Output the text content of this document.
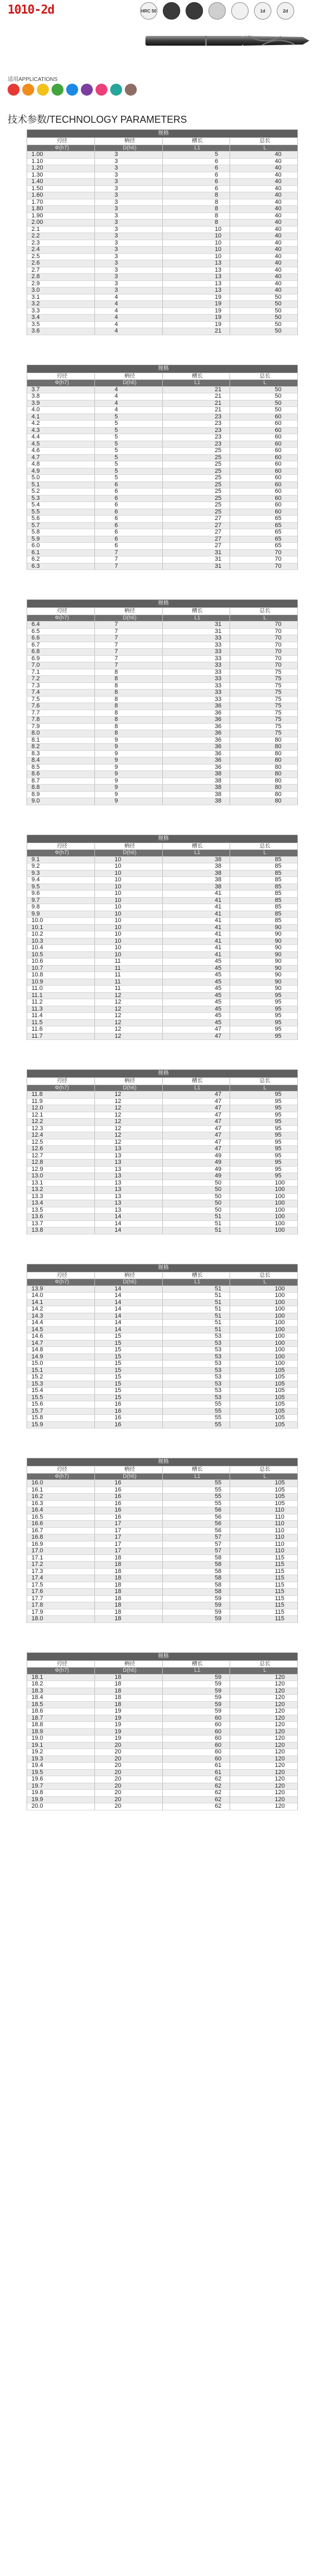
1010-2d	HRC 50	1d	2d
适用APPLICATIONS
技术参数/TECHNOLOGY PARAMETERS
规格			
刃径	柄径	槽长	总长
Φ(h7)	D(h6)	L1	L
1.00	3	5	40
1.10	3	6	40
1.20	3	6	40
1.30	3	6	40
1.40	3	6	40
1.50	3	6	40
1.60	3	8	40
1.70	3	8	40
1.80	3	8	40
1.90	3	8	40
2.00	3	8	40
2.1	3	10	40
2.2	3	10	40
2.3	3	10	40
2.4	3	10	40
2.5	3	10	40
2.6	3	13	40
2.7	3	13	40
2.8	3	13	40
2.9	3	13	40
3.0	3	13	40
3.1	4	19	50
3.2	4	19	50
3.3	4	19	50
3.4	4	19	50
3.5	4	19	50
3.6	4	21	50
规格			
刃径	柄径	槽长	总长
Φ(h7)	D(h6)	L1	L
3.7	4	21	50
3.8	4	21	50
3.9	4	21	50
4.0	4	21	50
4.1	5	23	60
4.2	5	23	60
4.3	5	23	60
4.4	5	23	60
4.5	5	23	60
4.6	5	25	60
4.7	5	25	60
4.8	5	25	60
4.9	5	25	60
5.0	5	25	60
5.1	6	25	60
5.2	6	25	60
5.3	6	25	60
5.4	6	25	60
5.5	6	25	60
5.6	6	27	65
5.7	6	27	65
5.8	6	27	65
5.9	6	27	65
6.0	6	27	65
6.1	7	31	70
6.2	7	31	70
6.3	7	31	70
规格			
刃径	柄径	槽长	总长
Φ(h7)	D(h6)	L1	L
6.4	7	31	70
6.5	7	31	70
6.6	7	33	70
6.7	7	33	70
6.8	7	33	70
6.9	7	33	70
7.0	7	33	70
7.1	8	33	75
7.2	8	33	75
7.3	8	33	75
7.4	8	33	75
7.5	8	33	75
7.6	8	36	75
7.7	8	36	75
7.8	8	36	75
7.9	8	36	75
8.0	8	36	75
8.1	9	36	80
8.2	9	36	80
8.3	9	36	80
8.4	9	36	80
8.5	9	36	80
8.6	9	38	80
8.7	9	38	80
8.8	9	38	80
8.9	9	38	80
9.0	9	38	80
规格			
刃径	柄径	槽长	总长
Φ(h7)	D(h6)	L1	L
9.1	10	38	85
9.2	10	38	85
9.3	10	38	85
9.4	10	38	85
9.5	10	38	85
9.6	10	41	85
9.7	10	41	85
9.8	10	41	85
9.9	10	41	85
10.0	10	41	85
10.1	10	41	90
10.2	10	41	90
10.3	10	41	90
10.4	10	41	90
10.5	10	41	90
10.6	11	45	90
10.7	11	45	90
10.8	11	45	90
10.9	11	45	90
11.0	11	45	90
11.1	12	45	95
11.2	12	45	95
11.3	12	45	95
11.4	12	45	95
11.5	12	45	95
11.6	12	47	95
11.7	12	47	95
规格			
刃径	柄径	槽长	总长
Φ(h7)	D(h6)	L1	L
11.8	12	47	95
11.9	12	47	95
12.0	12	47	95
12.1	12	47	95
12.2	12	47	95
12.3	12	47	95
12.4	12	47	95
12.5	12	47	95
12.6	13	47	95
12.7	13	49	95
12.8	13	49	95
12.9	13	49	95
13.0	13	49	95
13.1	13	50	100
13.2	13	50	100
13.3	13	50	100
13.4	13	50	100
13.5	13	50	100
13.6	14	51	100
13.7	14	51	100
13.8	14	51	100
规格			
刃径	柄径	槽长	总长
Φ(h7)	D(h6)	L1	L
13.9	14	51	100
14.0	14	51	100
14.1	14	51	100
14.2	14	51	100
14.3	14	51	100
14.4	14	51	100
14.5	14	51	100
14.6	15	53	100
14.7	15	53	100
14.8	15	53	100
14.9	15	53	100
15.0	15	53	100
15.1	15	53	105
15.2	15	53	105
15.3	15	53	105
15.4	15	53	105
15.5	15	53	105
15.6	16	55	105
15.7	16	55	105
15.8	16	55	105
15.9	16	55	105
规格			
刃径	柄径	槽长	总长
Φ(h7)	D(h6)	L1	L
16.0	16	55	105
16.1	16	55	105
16.2	16	55	105
16.3	16	55	105
16.4	16	56	110
16.5	16	56	110
16.6	17	56	110
16.7	17	56	110
16.8	17	57	110
16.9	17	57	110
17.0	17	57	110
17.1	18	58	115
17.2	18	58	115
17.3	18	58	115
17.4	18	58	115
17.5	18	58	115
17.6	18	58	115
17.7	18	59	115
17.8	18	59	115
17.9	18	59	115
18.0	18	59	115
规格			
刃径	柄径	槽长	总长
Φ(h7)	D(h6)	L1	L
18.1	18	59	120
18.2	18	59	120
18.3	18	59	120
18.4	18	59	120
18.5	18	59	120
18.6	19	59	120
18.7	19	60	120
18.8	19	60	120
18.9	19	60	120
19.0	19	60	120
19.1	20	60	120
19.2	20	60	120
19.3	20	60	120
19.4	20	61	120
19.5	20	61	120
19.6	20	62	120
19.7	20	62	120
19.8	20	62	120
19.9	20	62	120
20.0	20	62	120
